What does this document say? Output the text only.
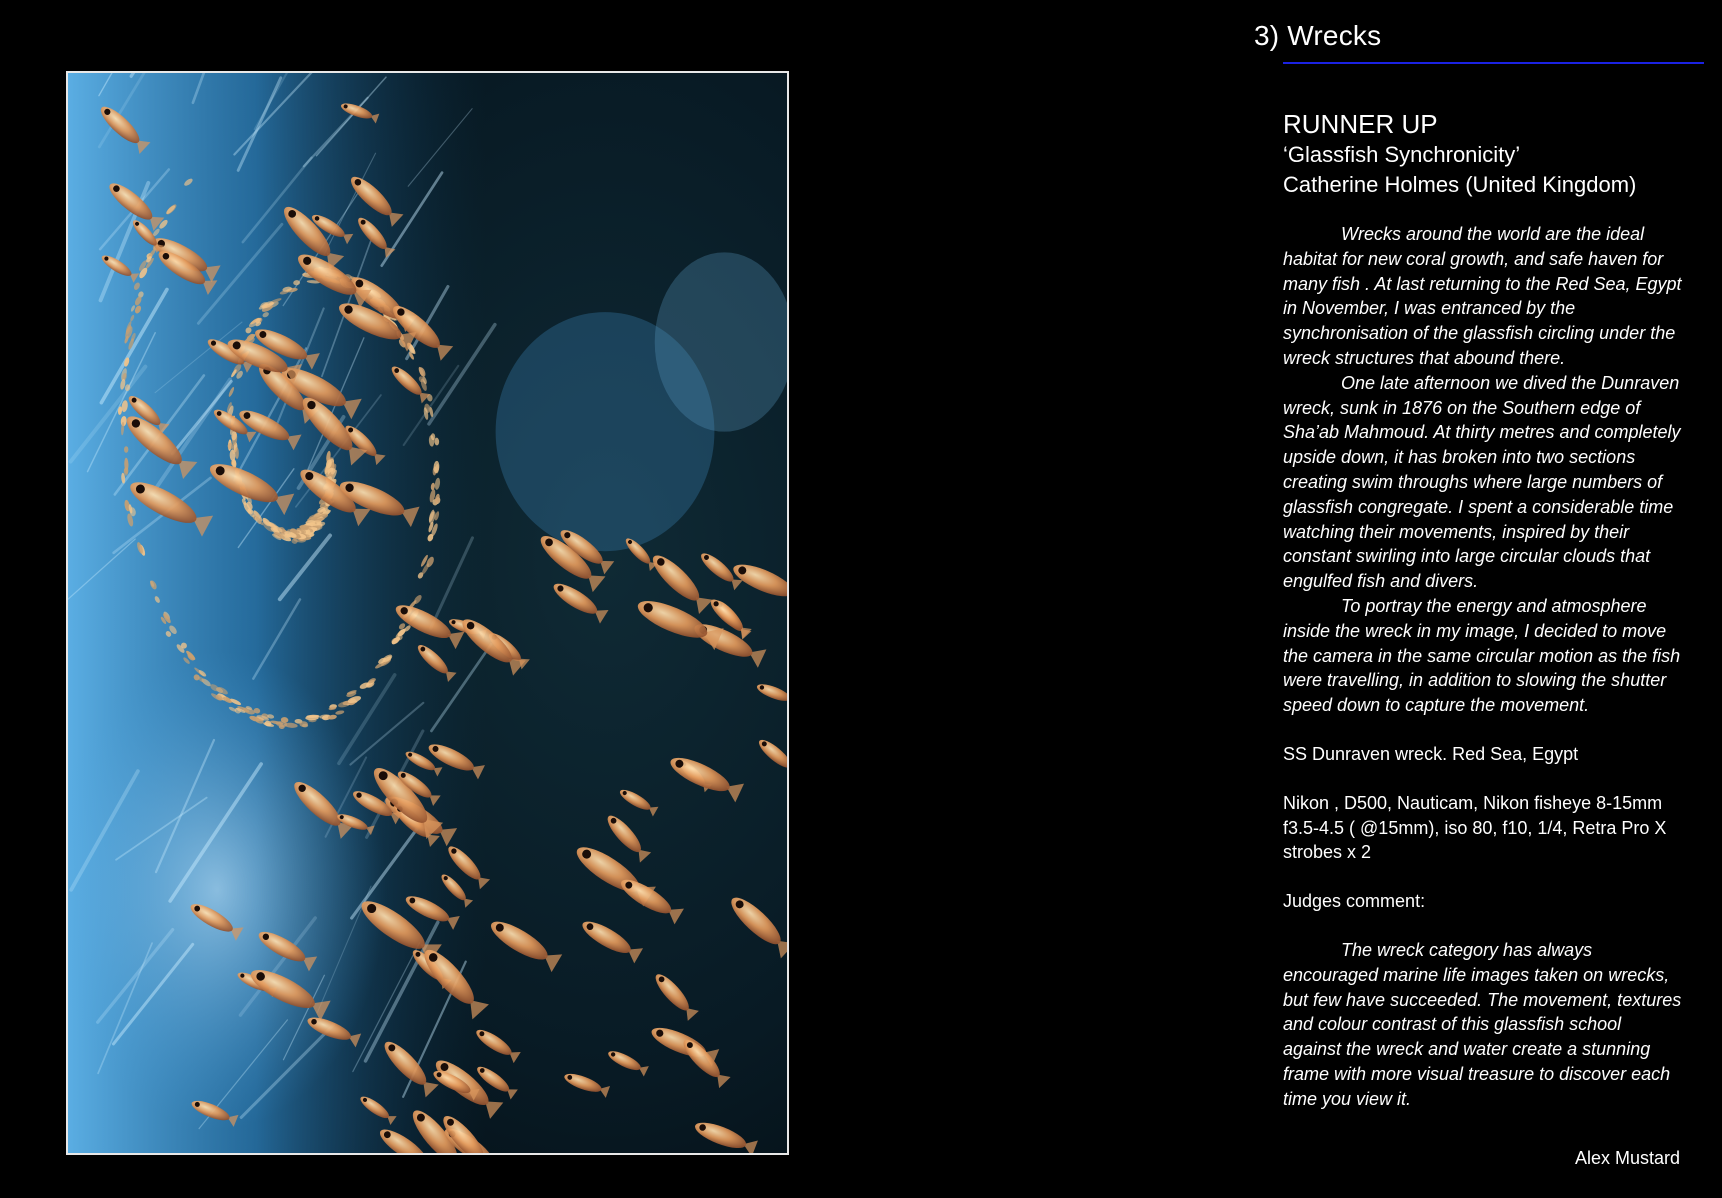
3) Wrecks

RUNNER UP

‘Glassfish Synchronicity’

Catherine Holmes (United Kingdom)

Wrecks around the world are the ideal habitat for new coral growth, and safe haven for many fish . At last returning to the Red Sea, Egypt in November, I was entranced by the synchronisation of the glassfish circling under the wreck structures that abound there.

One late afternoon we dived the Dunraven wreck, sunk in 1876 on the Southern edge of Sha’ab Mahmoud. At thirty metres and completely upside down, it has broken into two sections creating swim throughs where large numbers of glassfish congregate. I spent a considerable time watching their movements, inspired by their constant swirling into large circular clouds that engulfed fish and divers.

To portray the energy and atmosphere inside the wreck in my image, I decided to move the camera in the same circular motion as the fish were travelling, in addition to slowing the shutter speed down to capture the movement.

SS Dunraven wreck. Red Sea, Egypt

Nikon , D500, Nauticam, Nikon fisheye 8-15mm f3.5-4.5 ( @15mm), iso 80, f10, 1/4, Retra Pro X strobes x 2

Judges comment:

The wreck category has always encouraged marine life images taken on wrecks, but few have succeeded. The movement, textures and colour contrast of this glassfish school against the wreck and water create a stunning frame with more visual treasure to discover each time you view it.

Alex Mustard
